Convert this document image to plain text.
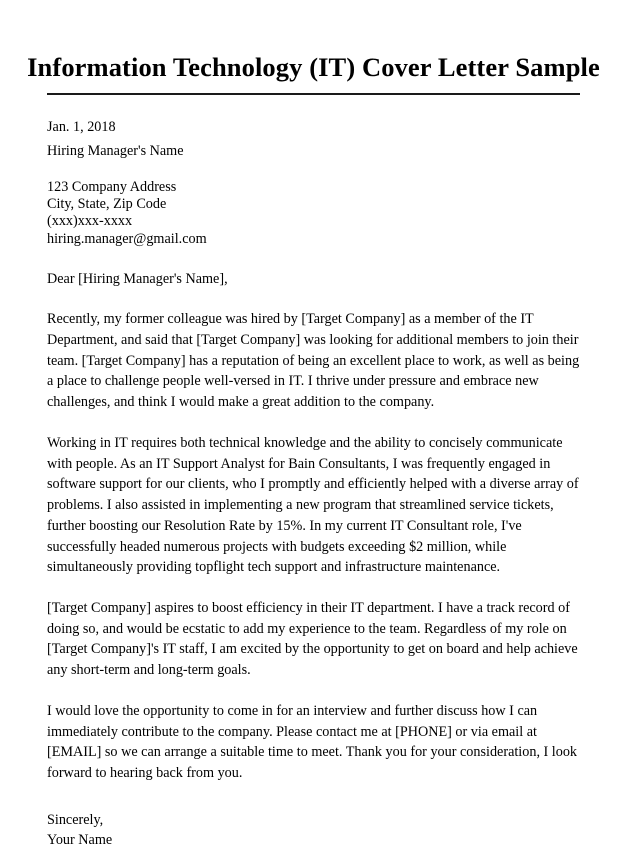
Information Technology (IT) Cover Letter Sample

Jan. 1, 2018

Hiring Manager's Name

123 Company Address

City, State, Zip Code

(xxx)xxx-xxxx

hiring.manager@gmail.com

Dear [Hiring Manager's Name],

Recently, my former colleague was hired by [Target Company] as a member of the IT Department, and said that [Target Company] was looking for additional members to join their team. [Target Company] has a reputation of being an excellent place to work, as well as being a place to challenge people well-versed in IT. I thrive under pressure and embrace new challenges, and think I would make a great addition to the company.

Working in IT requires both technical knowledge and the ability to concisely communicate with people. As an IT Support Analyst for Bain Consultants, I was frequently engaged in software support for our clients, who I promptly and efficiently helped with a diverse array of problems. I also assisted in implementing a new program that streamlined service tickets, further boosting our Resolution Rate by 15%. In my current IT Consultant role, I've successfully headed numerous projects with budgets exceeding $2 million, while simultaneously providing topflight tech support and infrastructure maintenance.

[Target Company] aspires to boost efficiency in their IT department. I have a track record of doing so, and would be ecstatic to add my experience to the team. Regardless of my role on [Target Company]'s IT staff, I am excited by the opportunity to get on board and help achieve any short-term and long-term goals.

I would love the opportunity to come in for an interview and further discuss how I can immediately contribute to the company. Please contact me at [PHONE] or via email at [EMAIL] so we can arrange a suitable time to meet. Thank you for your consideration, I look forward to hearing back from you.

Sincerely,

Your Name
